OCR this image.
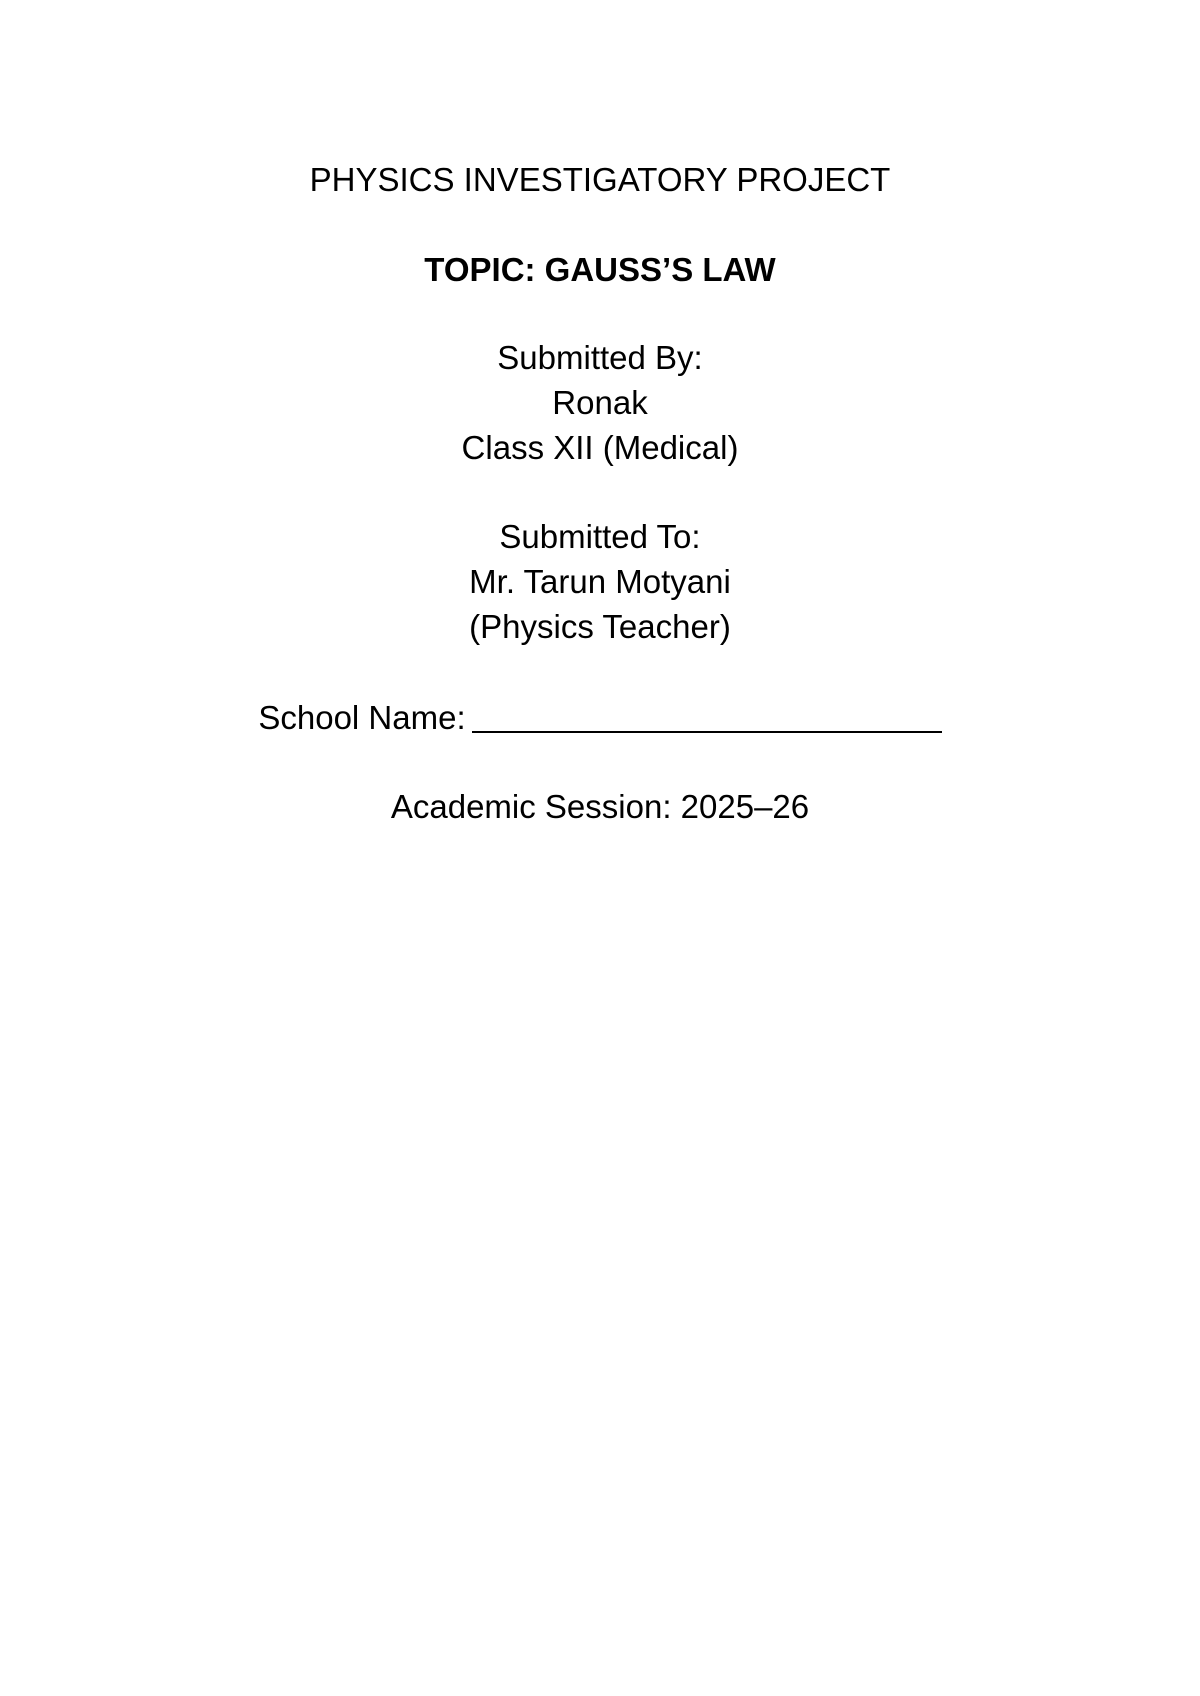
PHYSICS INVESTIGATORY PROJECT
TOPIC: GAUSS’S LAW
Submitted By:
Ronak
Class XII (Medical)
Submitted To:
Mr. Tarun Motyani
(Physics Teacher)
School Name:
Academic Session: 2025–26
